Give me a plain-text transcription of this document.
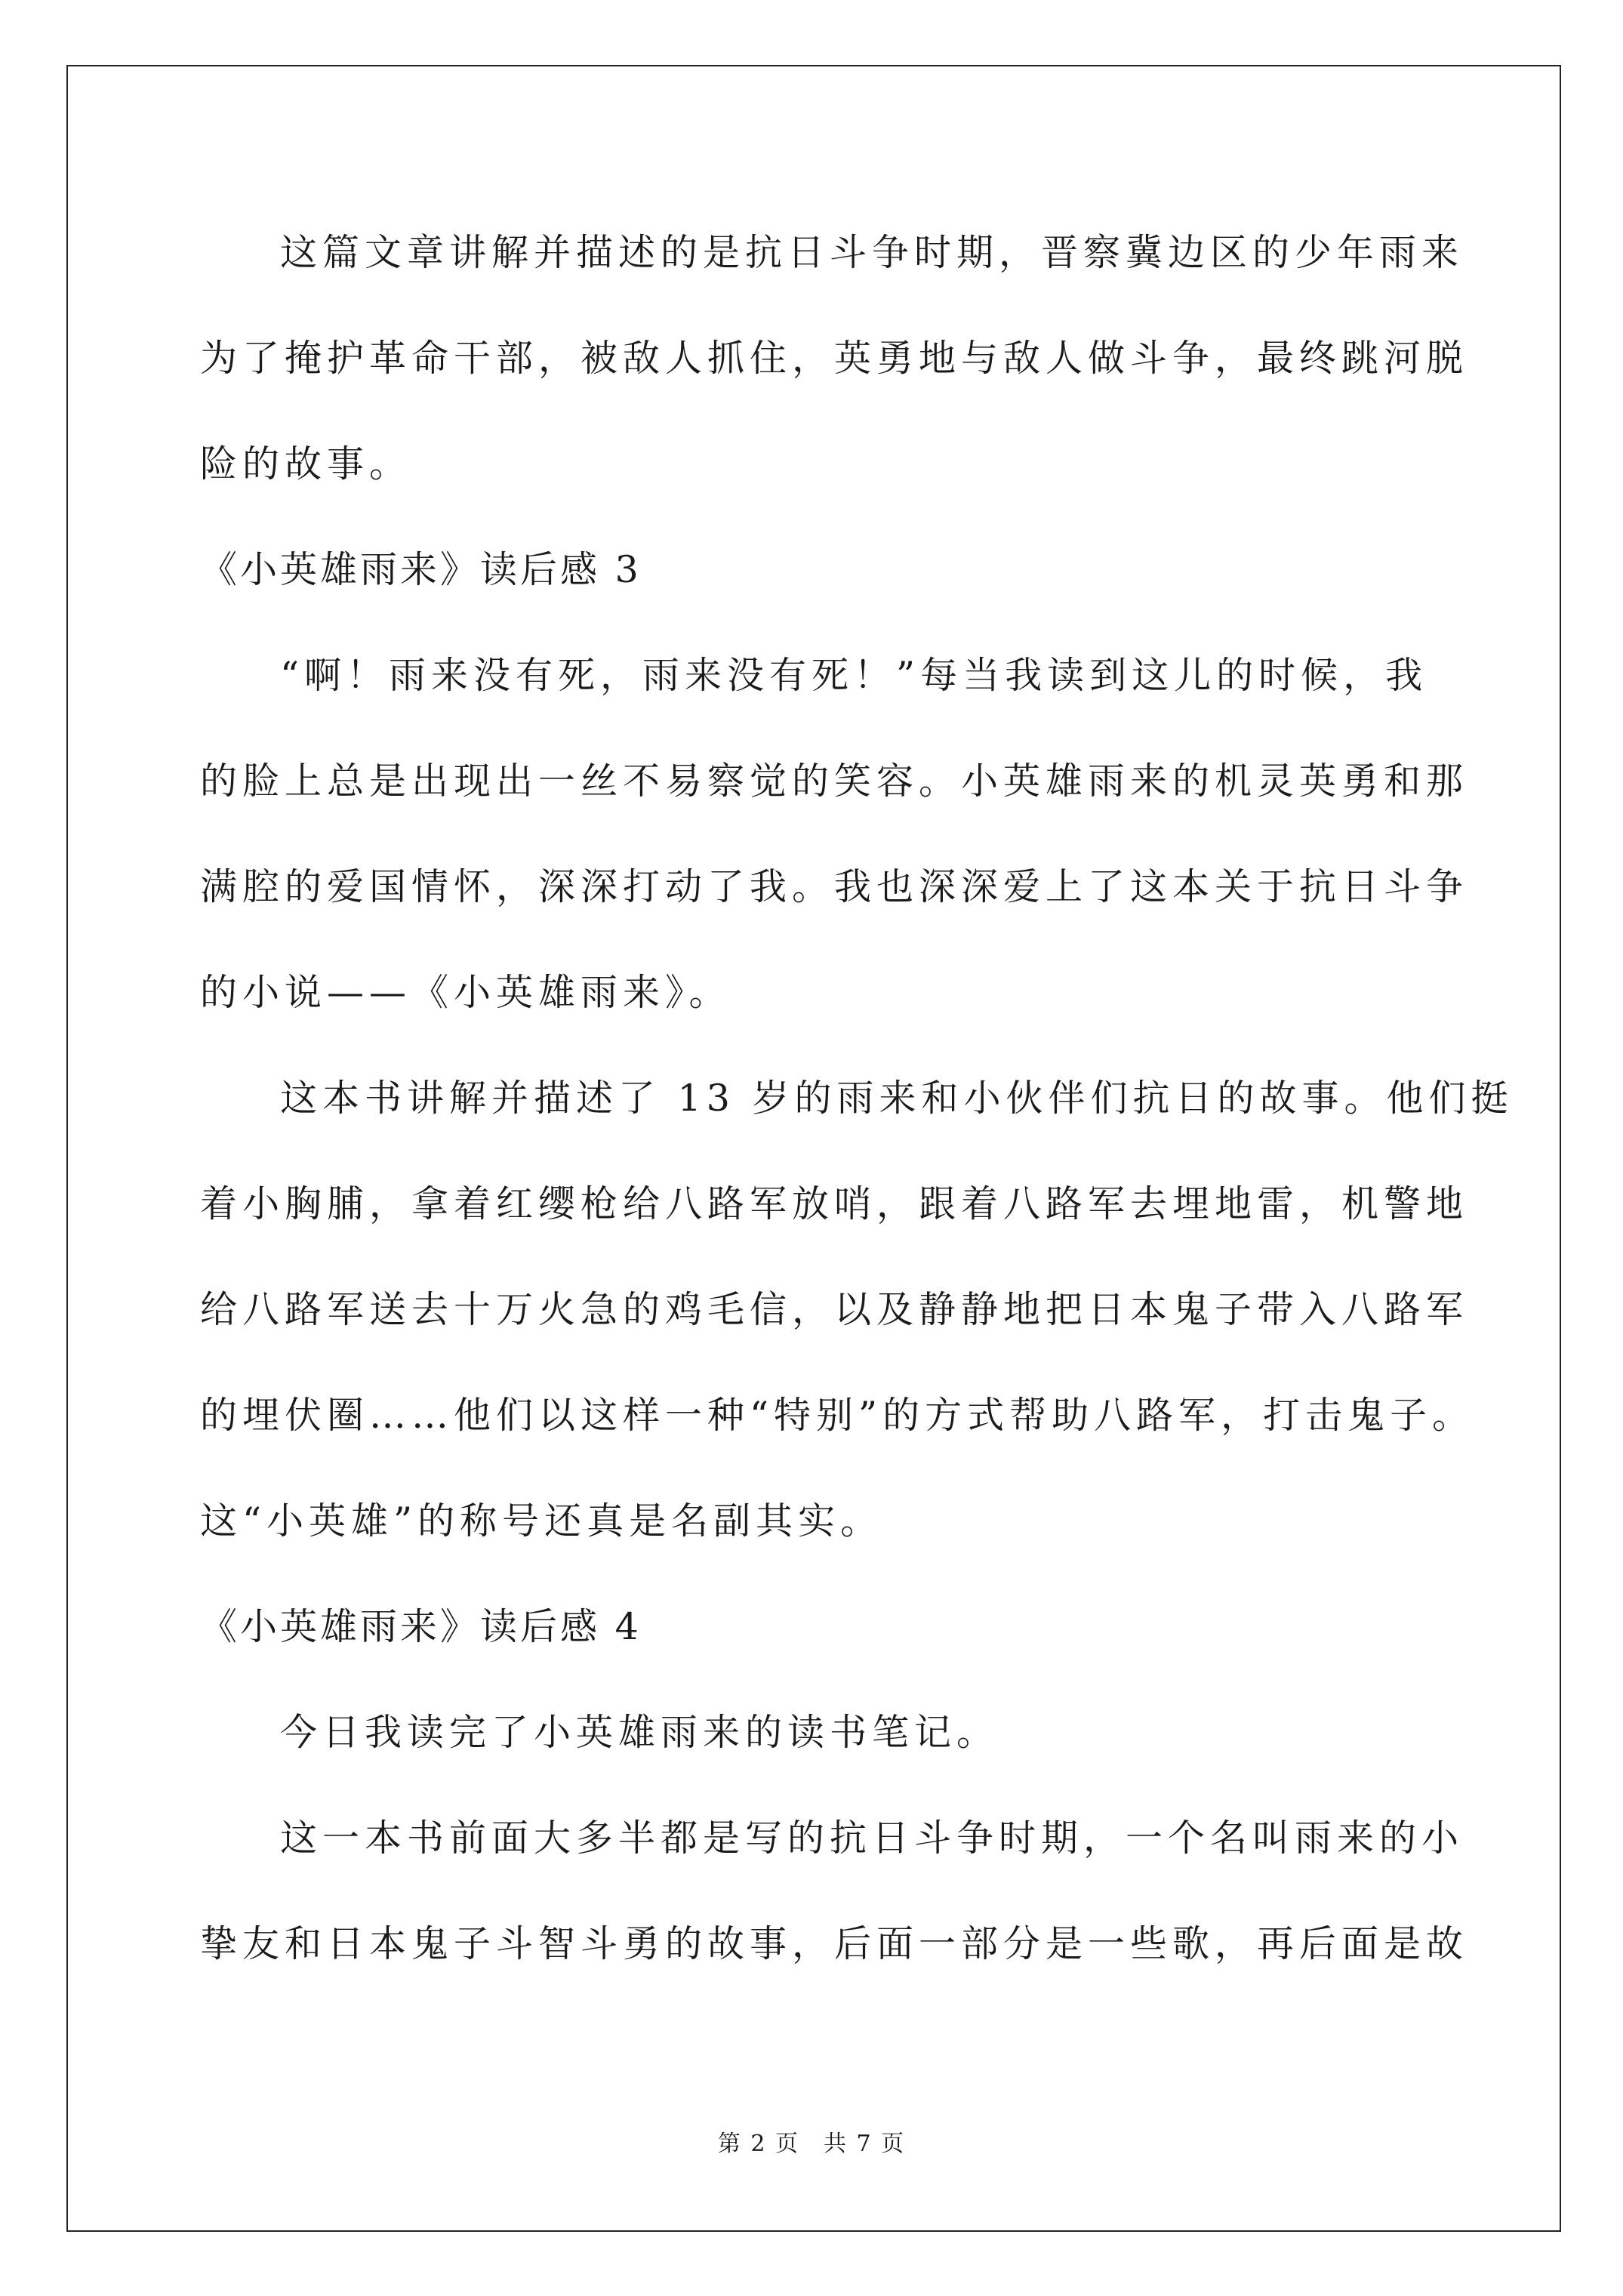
这篇文章讲解并描述的是抗日斗争时期，晋察冀边区的少年雨来
为了掩护革命干部，被敌人抓住，英勇地与敌人做斗争，最终跳河脱
险的故事。
《小英雄雨来》读后感 3
“啊！雨来没有死，雨来没有死！”每当我读到这儿的时候，我
的脸上总是出现出一丝不易察觉的笑容。小英雄雨来的机灵英勇和那
满腔的爱国情怀，深深打动了我。我也深深爱上了这本关于抗日斗争
的小说——《小英雄雨来》。
这本书讲解并描述了 13 岁的雨来和小伙伴们抗日的故事。他们挺
着小胸脯，拿着红缨枪给八路军放哨，跟着八路军去埋地雷，机警地
给八路军送去十万火急的鸡毛信，以及静静地把日本鬼子带入八路军
的埋伏圈……他们以这样一种“特别”的方式帮助八路军，打击鬼子。
这“小英雄”的称号还真是名副其实。
《小英雄雨来》读后感 4
今日我读完了小英雄雨来的读书笔记。
这一本书前面大多半都是写的抗日斗争时期，一个名叫雨来的小
挚友和日本鬼子斗智斗勇的故事，后面一部分是一些歌，再后面是故
第 2 页　共 7 页
